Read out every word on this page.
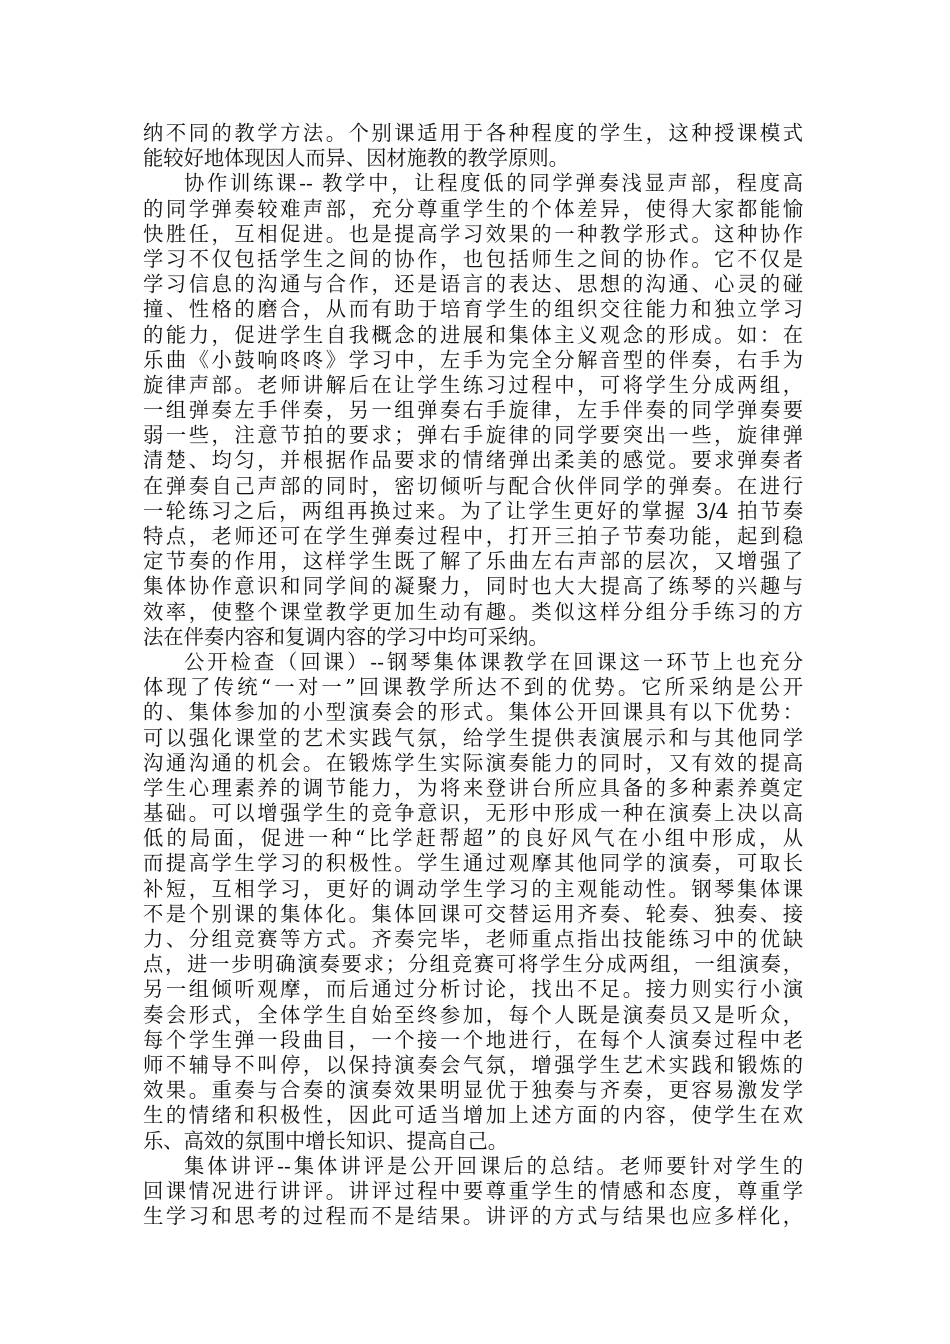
纳不同的教学方法。个别课适用于各种程度的学生，这种授课模式
能较好地体现因人而异、因材施教的教学原则。
协作训练课-- 教学中，让程度低的同学弹奏浅显声部，程度高
的同学弹奏较难声部，充分尊重学生的个体差异，使得大家都能愉
快胜任，互相促进。也是提高学习效果的一种教学形式。这种协作
学习不仅包括学生之间的协作，也包括师生之间的协作。它不仅是
学习信息的沟通与合作，还是语言的表达、思想的沟通、心灵的碰
撞、性格的磨合，从而有助于培育学生的组织交往能力和独立学习
的能力，促进学生自我概念的进展和集体主义观念的形成。如：在
乐曲《小鼓响咚咚》学习中，左手为完全分解音型的伴奏，右手为
旋律声部。老师讲解后在让学生练习过程中，可将学生分成两组，
一组弹奏左手伴奏，另一组弹奏右手旋律，左手伴奏的同学弹奏要
弱一些，注意节拍的要求；弹右手旋律的同学要突出一些，旋律弹
清楚、均匀，并根据作品要求的情绪弹出柔美的感觉。要求弹奏者
在弹奏自己声部的同时，密切倾听与配合伙伴同学的弹奏。在进行
一轮练习之后，两组再换过来。为了让学生更好的掌握 3/4 拍节奏
特点，老师还可在学生弹奏过程中，打开三拍子节奏功能，起到稳
定节奏的作用，这样学生既了解了乐曲左右声部的层次，又增强了
集体协作意识和同学间的凝聚力，同时也大大提高了练琴的兴趣与
效率，使整个课堂教学更加生动有趣。类似这样分组分手练习的方
法在伴奏内容和复调内容的学习中均可采纳。
公开检查（回课）--钢琴集体课教学在回课这一环节上也充分
体现了传统“一对一”回课教学所达不到的优势。它所采纳是公开
的、集体参加的小型演奏会的形式。集体公开回课具有以下优势：
可以强化课堂的艺术实践气氛，给学生提供表演展示和与其他同学
沟通沟通的机会。在锻炼学生实际演奏能力的同时，又有效的提高
学生心理素养的调节能力，为将来登讲台所应具备的多种素养奠定
基础。可以增强学生的竞争意识，无形中形成一种在演奏上决以高
低的局面，促进一种“比学赶帮超”的良好风气在小组中形成，从
而提高学生学习的积极性。学生通过观摩其他同学的演奏，可取长
补短，互相学习，更好的调动学生学习的主观能动性。钢琴集体课
不是个别课的集体化。集体回课可交替运用齐奏、轮奏、独奏、接
力、分组竞赛等方式。齐奏完毕，老师重点指出技能练习中的优缺
点，进一步明确演奏要求；分组竞赛可将学生分成两组，一组演奏，
另一组倾听观摩，而后通过分析讨论，找出不足。接力则实行小演
奏会形式，全体学生自始至终参加，每个人既是演奏员又是听众，
每个学生弹一段曲目，一个接一个地进行，在每个人演奏过程中老
师不辅导不叫停，以保持演奏会气氛，增强学生艺术实践和锻炼的
效果。重奏与合奏的演奏效果明显优于独奏与齐奏，更容易激发学
生的情绪和积极性，因此可适当增加上述方面的内容，使学生在欢
乐、高效的氛围中增长知识、提高自己。
集体讲评--集体讲评是公开回课后的总结。老师要针对学生的
回课情况进行讲评。讲评过程中要尊重学生的情感和态度，尊重学
生学习和思考的过程而不是结果。讲评的方式与结果也应多样化，
